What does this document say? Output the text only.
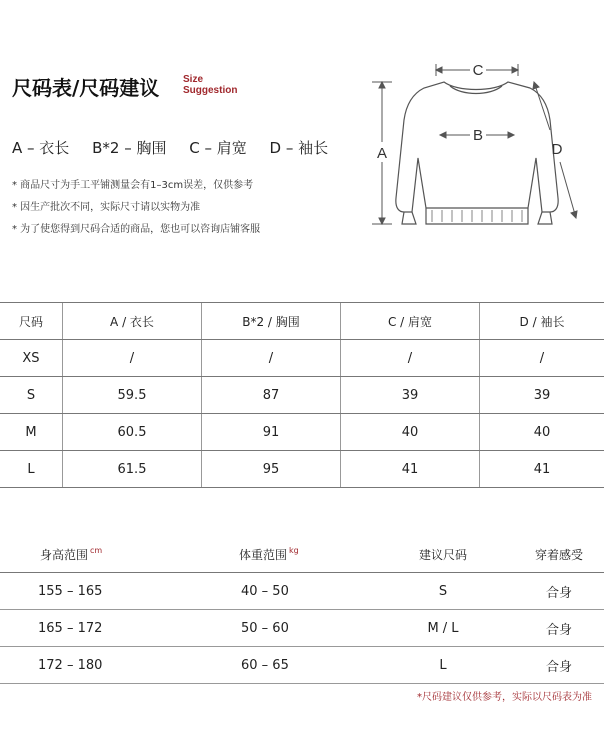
尺码表/尺码建议 Size
Suggestion
A – 衣长 B*2 – 胸围 C – 肩宽 D – 袖长
* 商品尺寸为手工平铺测量会有1–3cm误差，仅供参考
* 因生产批次不同，实际尺寸请以实物为准
* 为了使您得到尺码合适的商品，您也可以咨询店铺客服
C
B
A	D
尺码	A / 衣长	B*2 / 胸围	C / 肩宽	D / 袖长
XS	/	/	/	/
S	59.5	87	39	39
M	60.5	91	40	40
L	61.5	95	41	41
身高范围 $^{cm}$	体重范围 $^{kg}$	建议尺码	穿着感受
155 – 165	40 – 50	S	合身
165 – 172	50 – 60	M / L	合身
172 – 180	60 – 65	L	合身
*尺码建议仅供参考，实际以尺码表为准
